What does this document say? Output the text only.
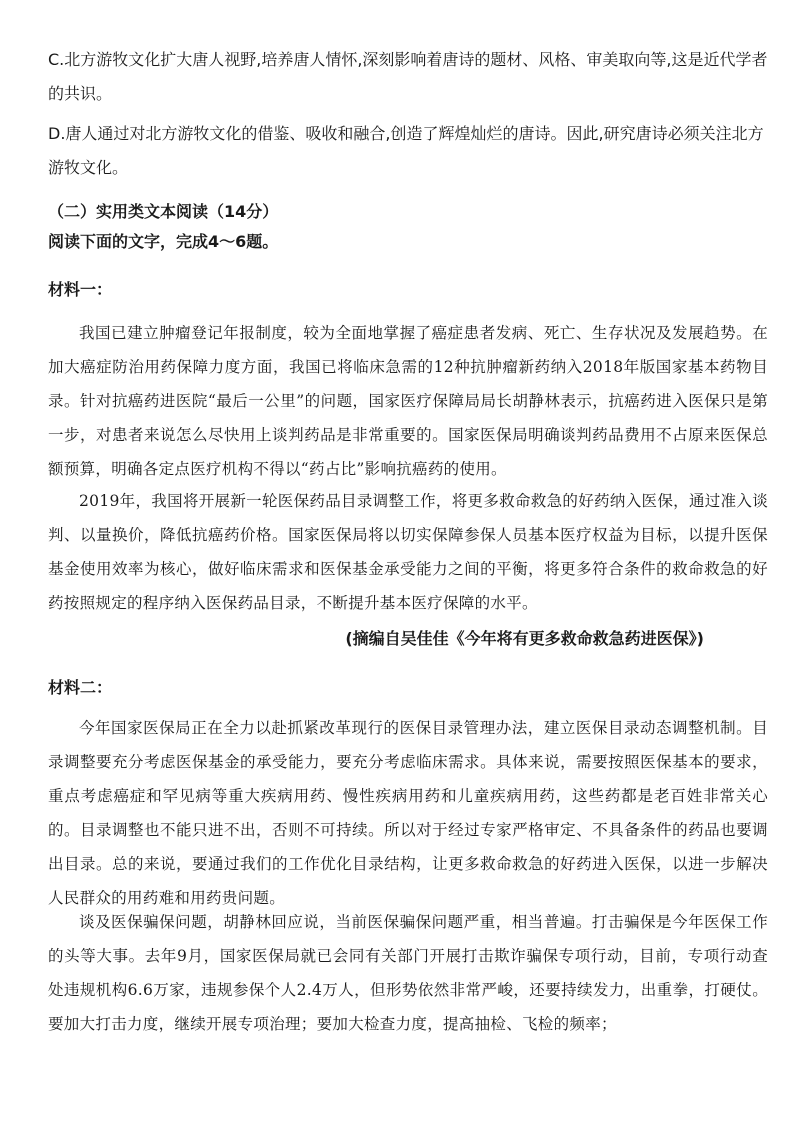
C.北方游牧文化扩大唐人视野,培养唐人情怀,深刻影响着唐诗的题材、风格、审美取向等,这是近代学者的共识。

D.唐人通过对北方游牧文化的借鉴、吸收和融合,创造了辉煌灿烂的唐诗。因此,研究唐诗必须关注北方游牧文化。

（二）实用类文本阅读（14分）

阅读下面的文字，完成4～6题。

材料一：

我国已建立肿瘤登记年报制度，较为全面地掌握了癌症患者发病、死亡、生存状况及发展趋势。在加大癌症防治用药保障力度方面，我国已将临床急需的12种抗肿瘤新药纳入2018年版国家基本药物目录。针对抗癌药进医院“最后一公里”的问题，国家医疗保障局局长胡静林表示，抗癌药进入医保只是第一步，对患者来说怎么尽快用上谈判药品是非常重要的。国家医保局明确谈判药品费用不占原来医保总额预算，明确各定点医疗机构不得以“药占比”影响抗癌药的使用。

2019年，我国将开展新一轮医保药品目录调整工作，将更多救命救急的好药纳入医保，通过准入谈判、以量换价，降低抗癌药价格。国家医保局将以切实保障参保人员基本医疗权益为目标，以提升医保基金使用效率为核心，做好临床需求和医保基金承受能力之间的平衡，将更多符合条件的救命救急的好药按照规定的程序纳入医保药品目录，不断提升基本医疗保障的水平。

(摘编自吴佳佳《今年将有更多救命救急药进医保》)

材料二：

今年国家医保局正在全力以赴抓紧改革现行的医保目录管理办法，建立医保目录动态调整机制。目录调整要充分考虑医保基金的承受能力，要充分考虑临床需求。具体来说，需要按照医保基本的要求，重点考虑癌症和罕见病等重大疾病用药、慢性疾病用药和儿童疾病用药，这些药都是老百姓非常关心的。目录调整也不能只进不出，否则不可持续。所以对于经过专家严格审定、不具备条件的药品也要调出目录。总的来说，要通过我们的工作优化目录结构，让更多救命救急的好药进入医保，以进一步解决人民群众的用药难和用药贵问题。

谈及医保骗保问题，胡静林回应说，当前医保骗保问题严重，相当普遍。打击骗保是今年医保工作的头等大事。去年9月，国家医保局就已会同有关部门开展打击欺诈骗保专项行动，目前，专项行动查处违规机构6.6万家，违规参保个人2.4万人，但形势依然非常严峻，还要持续发力，出重拳，打硬仗。要加大打击力度，继续开展专项治理；要加大检查力度，提高抽检、飞检的频率；
